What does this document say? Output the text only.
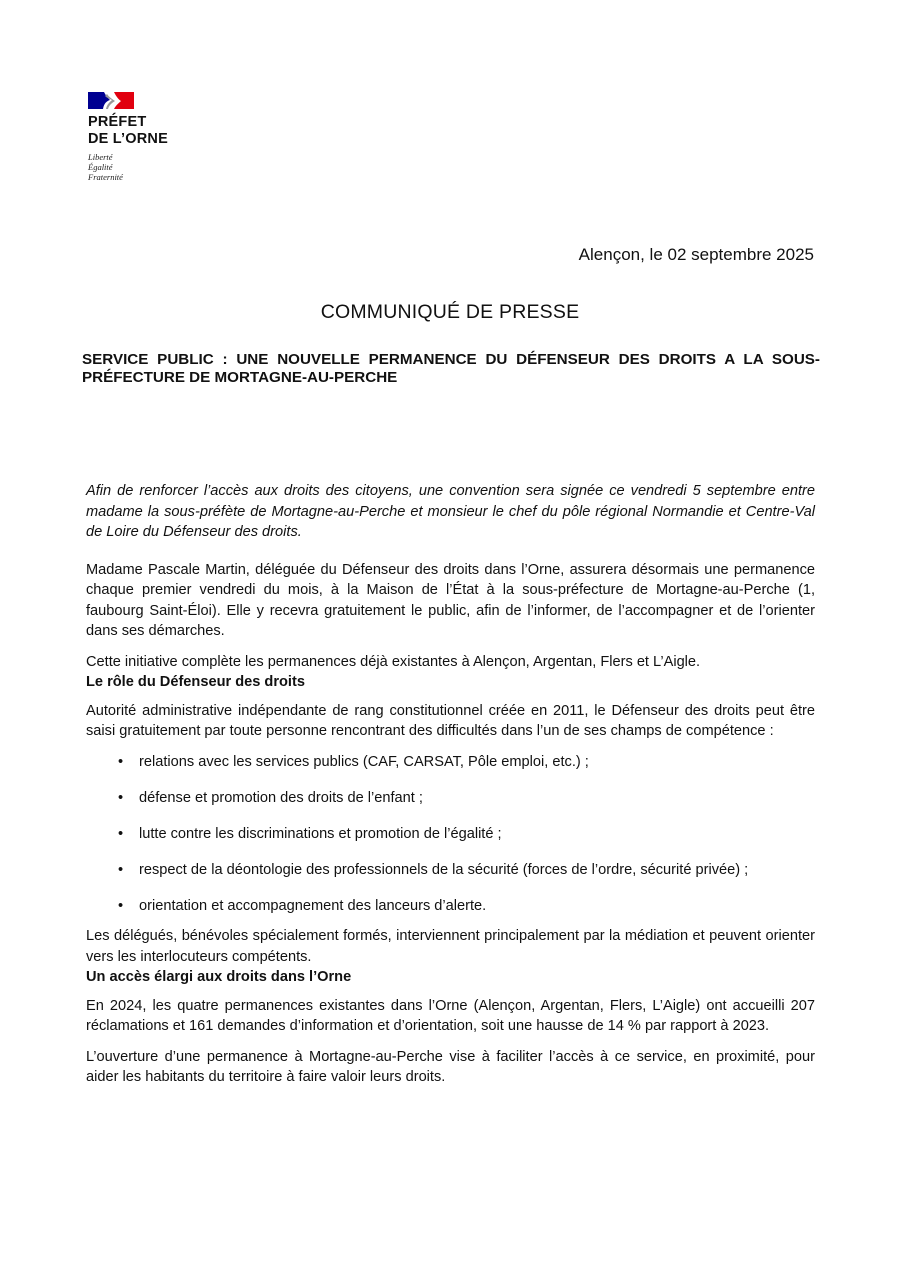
PRÉFET
DE L’ORNE
Liberté
Égalité
Fraternité
Alençon, le 02 septembre 2025
COMMUNIQUÉ DE PRESSE
SERVICE PUBLIC : UNE NOUVELLE PERMANENCE DU DÉFENSEUR DES DROITS A LA SOUS-PRÉFECTURE DE MORTAGNE-AU-PERCHE

Afin de renforcer l’accès aux droits des citoyens, une convention sera signée ce vendredi 5 septembre entre madame la sous-préfète de Mortagne-au-Perche et monsieur le chef du pôle régional Normandie et Centre-Val de Loire du Défenseur des droits.

Madame Pascale Martin, déléguée du Défenseur des droits dans l’Orne, assurera désormais une permanence chaque premier vendredi du mois, à la Maison de l’État à la sous-préfecture de Mortagne-au-Perche (1, faubourg Saint-Éloi). Elle y recevra gratuitement le public, afin de l’informer, de l’accompagner et de l’orienter dans ses démarches.

Cette initiative complète les permanences déjà existantes à Alençon, Argentan, Flers et L’Aigle.

Le rôle du Défenseur des droits

Autorité administrative indépendante de rang constitutionnel créée en 2011, le Défenseur des droits peut être saisi gratuitement par toute personne rencontrant des difficultés dans l’un de ses champs de compétence :

• relations avec les services publics (CAF, CARSAT, Pôle emploi, etc.) ;
• défense et promotion des droits de l’enfant ;
• lutte contre les discriminations et promotion de l’égalité ;
• respect de la déontologie des professionnels de la sécurité (forces de l’ordre, sécurité privée) ;
• orientation et accompagnement des lanceurs d’alerte.

Les délégués, bénévoles spécialement formés, interviennent principalement par la médiation et peuvent orienter vers les interlocuteurs compétents.

Un accès élargi aux droits dans l’Orne

En 2024, les quatre permanences existantes dans l’Orne (Alençon, Argentan, Flers, L’Aigle) ont accueilli 207 réclamations et 161 demandes d’information et d’orientation, soit une hausse de 14 % par rapport à 2023.

L’ouverture d’une permanence à Mortagne-au-Perche vise à faciliter l’accès à ce service, en proximité, pour aider les habitants du territoire à faire valoir leurs droits.
